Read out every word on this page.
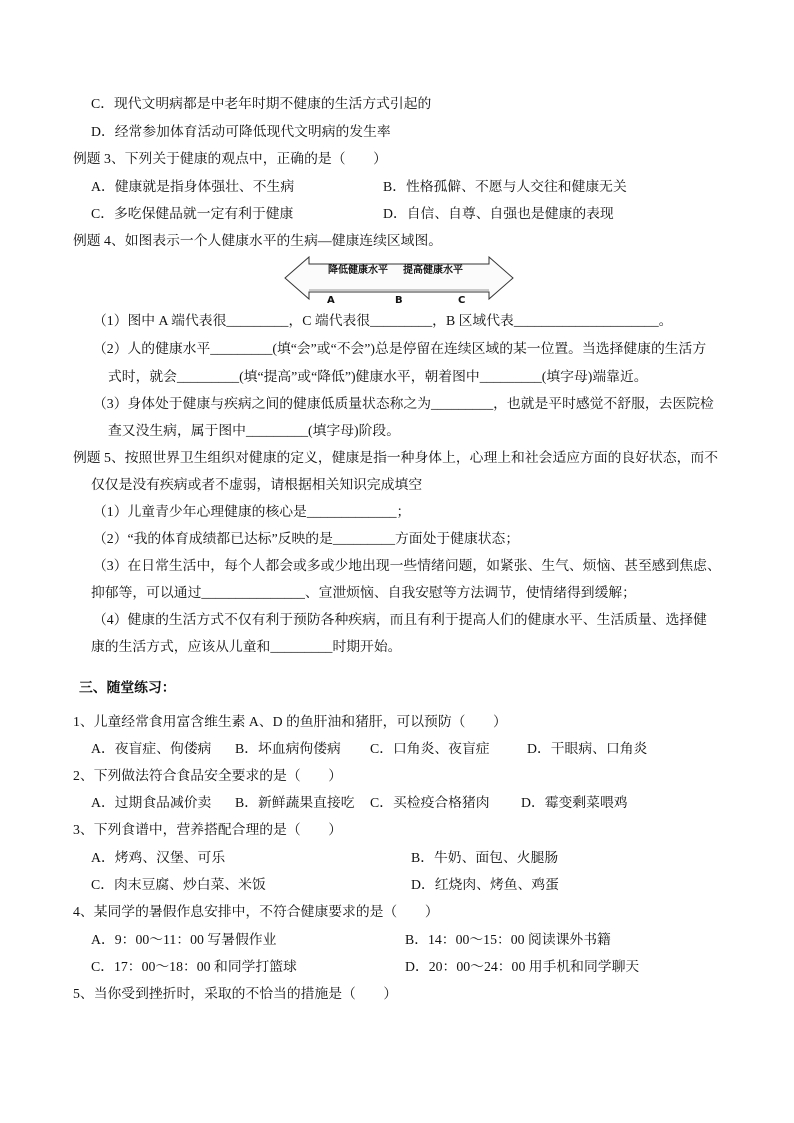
C．现代文明病都是中老年时期不健康的生活方式引起的
D．经常参加体育活动可降低现代文明病的发生率
例题 3、下列关于健康的观点中，正确的是（　　）
A．健康就是指身体强壮、不生病	B．性格孤僻、不愿与人交往和健康无关
C．多吃保健品就一定有利于健康	D．自信、自尊、自强也是健康的表现
例题 4、如图表示一个人健康水平的生病—健康连续区域图。
降低健康水平 提高健康水平
A	B	C
（1）图中 A 端代表很_________，C 端代表很_________，B 区域代表_____________________。
（2）人的健康水平_________(填“会”或“不会”)总是停留在连续区域的某一位置。当选择健康的生活方
式时，就会_________(填“提高”或“降低”)健康水平，朝着图中_________(填字母)端靠近。
（3）身体处于健康与疾病之间的健康低质量状态称之为_________，也就是平时感觉不舒服，去医院检
查又没生病，属于图中_________(填字母)阶段。
例题 5、按照世界卫生组织对健康的定义，健康是指一种身体上，心理上和社会适应方面的良好状态，而不
仅仅是没有疾病或者不虚弱，请根据相关知识完成填空
（1）儿童青少年心理健康的核心是_____________；
（2）“我的体育成绩都已达标”反映的是_________方面处于健康状态；
（3）在日常生活中，每个人都会或多或少地出现一些情绪问题，如紧张、生气、烦恼、甚至感到焦虑、
抑郁等，可以通过_______________、宣泄烦恼、自我安慰等方法调节，使情绪得到缓解；
（4）健康的生活方式不仅有利于预防各种疾病，而且有利于提高人们的健康水平、生活质量、选择健
康的生活方式，应该从儿童和_________时期开始。
三、随堂练习：
1、儿童经常食用富含维生素 A、D 的鱼肝油和猪肝，可以预防（　　）
A．夜盲症、佝偻病 B．坏血病佝偻病 C．口角炎、夜盲症	D．干眼病、口角炎
2、下列做法符合食品安全要求的是（　　）
A．过期食品减价卖 B．新鲜蔬果直接吃 C．买检疫合格猪肉 D．霉变剩菜喂鸡
3、下列食谱中，营养搭配合理的是（　　）
A．烤鸡、汉堡、可乐	B．牛奶、面包、火腿肠
C．肉末豆腐、炒白菜、米饭	D．红烧肉、烤鱼、鸡蛋
4、某同学的暑假作息安排中，不符合健康要求的是（　　）
A．9：00～11：00 写暑假作业	B．14：00～15：00 阅读课外书籍
C．17：00～18：00 和同学打篮球	D．20：00～24：00 用手机和同学聊天
5、当你受到挫折时，采取的不恰当的措施是（　　）
